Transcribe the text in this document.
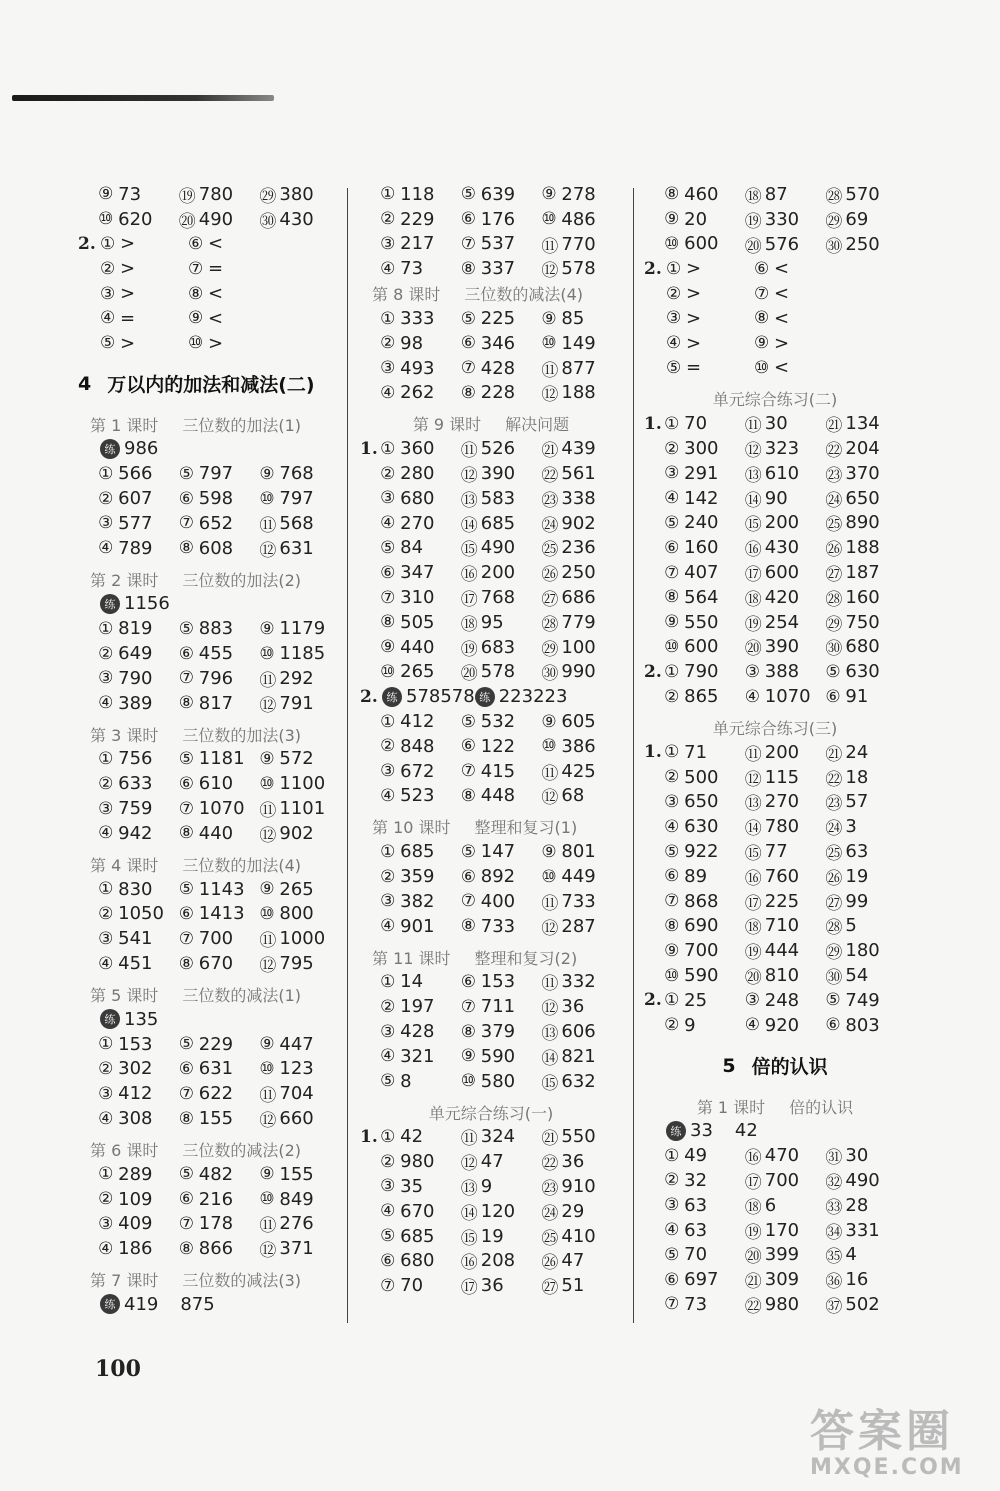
⑨ 73 ⑲ 780 ㉙ 380
⑩ 620 ⑳ 490 ㉚ 430
2. ① >	⑥ <
② >	⑦ =
③ >	⑧ <
④ =	⑨ <
⑤ >	⑩ >
4 万以内的加法和减法(二)
第 1 课时 三位数的加法(1)
练 986
① 566 ⑤ 797 ⑨ 768
② 607 ⑥ 598 ⑩ 797
③ 577 ⑦ 652 ⑪ 568
④ 789 ⑧ 608 ⑫ 631
第 2 课时 三位数的加法(2)
练 1156
① 819 ⑤ 883 ⑨ 1179
② 649 ⑥ 455 ⑩ 1185
③ 790 ⑦ 796 ⑪ 292
④ 389 ⑧ 817 ⑫ 791
第 3 课时 三位数的加法(3)
① 756 ⑤ 1181 ⑨ 572
② 633 ⑥ 610 ⑩ 1100
③ 759 ⑦ 1070 ⑪ 1101
④ 942 ⑧ 440 ⑫ 902
第 4 课时 三位数的加法(4)
① 830 ⑤ 1143 ⑨ 265
② 1050 ⑥ 1413 ⑩ 800
③ 541 ⑦ 700 ⑪ 1000
④ 451 ⑧ 670 ⑫ 795
第 5 课时 三位数的减法(1)
练 135
① 153 ⑤ 229 ⑨ 447
② 302 ⑥ 631 ⑩ 123
③ 412 ⑦ 622 ⑪ 704
④ 308 ⑧ 155 ⑫ 660
第 6 课时 三位数的减法(2)
① 289 ⑤ 482 ⑨ 155
② 109 ⑥ 216 ⑩ 849
③ 409 ⑦ 178 ⑪ 276
④ 186 ⑧ 866 ⑫ 371
第 7 课时 三位数的减法(3)
练 419 875
① 118 ⑤ 639 ⑨ 278
② 229 ⑥ 176 ⑩ 486
③ 217 ⑦ 537 ⑪ 770
④ 73 ⑧ 337 ⑫ 578
第 8 课时 三位数的减法(4)
① 333 ⑤ 225 ⑨ 85
② 98 ⑥ 346 ⑩ 149
③ 493 ⑦ 428 ⑪ 877
④ 262 ⑧ 228 ⑫ 188
第 9 课时 解决问题
1. ① 360 ⑪ 526 ㉑ 439
② 280 ⑫ 390 ㉒ 561
③ 680 ⑬ 583 ㉓ 338
④ 270 ⑭ 685 ㉔ 902
⑤ 84 ⑮ 490 ㉕ 236
⑥ 347 ⑯ 200 ㉖ 250
⑦ 310 ⑰ 768 ㉗ 686
⑧ 505 ⑱ 95 ㉘ 779
⑨ 440 ⑲ 683 ㉙ 100
⑩ 265 ⑳ 578 ㉚ 990
2. 练 578 578 练 223 223
① 412 ⑤ 532 ⑨ 605
② 848 ⑥ 122 ⑩ 386
③ 672 ⑦ 415 ⑪ 425
④ 523 ⑧ 448 ⑫ 68
第 10 课时 整理和复习(1)
① 685 ⑤ 147 ⑨ 801
② 359 ⑥ 892 ⑩ 449
③ 382 ⑦ 400 ⑪ 733
④ 901 ⑧ 733 ⑫ 287
第 11 课时 整理和复习(2)
① 14 ⑥ 153 ⑪ 332
② 197 ⑦ 711 ⑫ 36
③ 428 ⑧ 379 ⑬ 606
④ 321 ⑨ 590 ⑭ 821
⑤ 8	⑩ 580 ⑮ 632
单元综合练习(一)
1. ① 42 ⑪ 324 ㉑ 550
② 980 ⑫ 47 ㉒ 36
③ 35 ⑬ 9	㉓ 910
④ 670 ⑭ 120 ㉔ 29
⑤ 685 ⑮ 19 ㉕ 410
⑥ 680 ⑯ 208 ㉖ 47
⑦ 70 ⑰ 36 ㉗ 51
⑧ 460 ⑱ 87 ㉘ 570
⑨ 20 ⑲ 330 ㉙ 69
⑩ 600 ⑳ 576 ㉚ 250
2. ① >	⑥ <
② >	⑦ <
③ >	⑧ <
④ >	⑨ >
⑤ =	⑩ <
单元综合练习(二)
1. ① 70 ⑪ 30 ㉑ 134
② 300 ⑫ 323 ㉒ 204
③ 291 ⑬ 610 ㉓ 370
④ 142 ⑭ 90 ㉔ 650
⑤ 240 ⑮ 200 ㉕ 890
⑥ 160 ⑯ 430 ㉖ 188
⑦ 407 ⑰ 600 ㉗ 187
⑧ 564 ⑱ 420 ㉘ 160
⑨ 550 ⑲ 254 ㉙ 750
⑩ 600 ⑳ 390 ㉚ 680
2. ① 790 ③ 388 ⑤ 630
② 865 ④ 1070 ⑥ 91
单元综合练习(三)
1. ① 71 ⑪ 200 ㉑ 24
② 500 ⑫ 115 ㉒ 18
③ 650 ⑬ 270 ㉓ 57
④ 630 ⑭ 780 ㉔ 3
⑤ 922 ⑮ 77 ㉕ 63
⑥ 89 ⑯ 760 ㉖ 19
⑦ 868 ⑰ 225 ㉗ 99
⑧ 690 ⑱ 710 ㉘ 5
⑨ 700 ⑲ 444 ㉙ 180
⑩ 590 ⑳ 810 ㉚ 54
2. ① 25 ③ 248 ⑤ 749
② 9	④ 920 ⑥ 803
5 倍的认识
第 1 课时 倍的认识
练 33 42
① 49 ⑯ 470 ㉛ 30
② 32 ⑰ 700 ㉜ 490
③ 63 ⑱ 6	㉝ 28
④ 63 ⑲ 170 ㉞ 331
⑤ 70 ⑳ 399 ㉟ 4
⑥ 697 ㉑ 309 ㊱ 16
⑦ 73 ㉒ 980 ㊲ 502
100
答案圈
MXQE.COM
